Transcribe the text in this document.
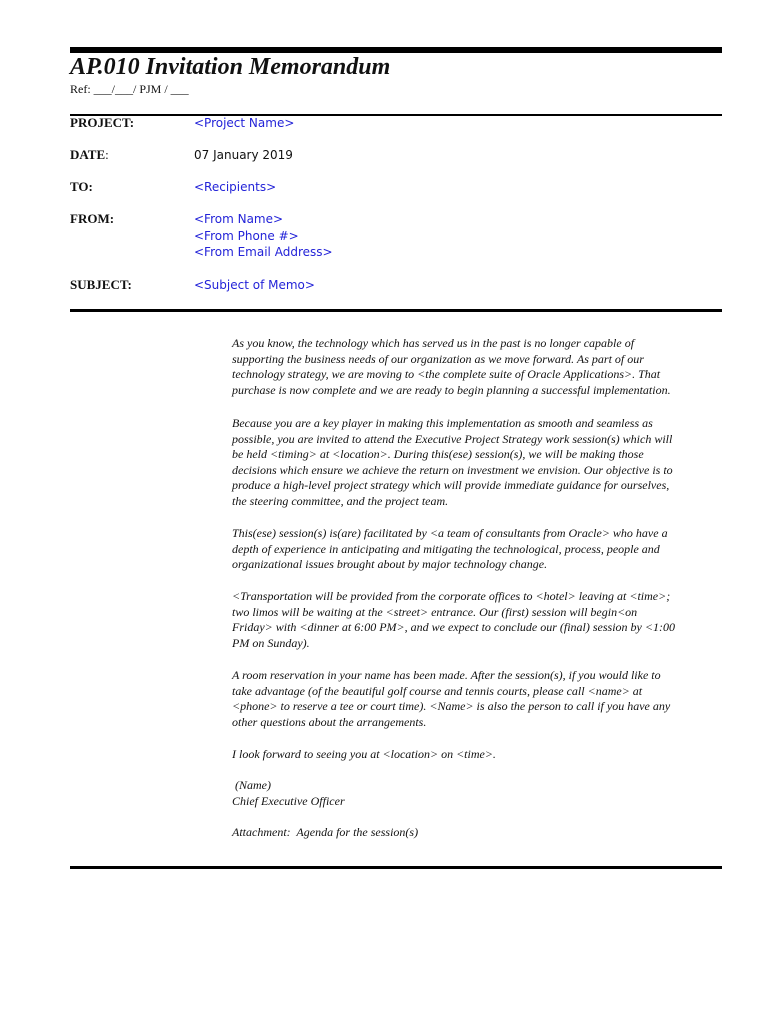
AP.010 Invitation Memorandum
Ref: ___/___/ PJM / ___
PROJECT:	<Project Name>
DATE:	07 January 2019
TO:	<Recipients>
FROM:	<From Name>
<From Phone #>
<From Email Address>
SUBJECT:	<Subject of Memo>
As you know, the technology which has served us in the past is no longer capable of
supporting the business needs of our organization as we move forward. As part of our
technology strategy, we are moving to <the complete suite of Oracle Applications>. That
purchase is now complete and we are ready to begin planning a successful implementation.
Because you are a key player in making this implementation as smooth and seamless as
possible, you are invited to attend the Executive Project Strategy work session(s) which will
be held <timing> at <location>. During this(ese) session(s), we will be making those
decisions which ensure we achieve the return on investment we envision. Our objective is to
produce a high-level project strategy which will provide immediate guidance for ourselves,
the steering committee, and the project team.
This(ese) session(s) is(are) facilitated by <a team of consultants from Oracle> who have a
depth of experience in anticipating and mitigating the technological, process, people and
organizational issues brought about by major technology change.
<Transportation will be provided from the corporate offices to <hotel> leaving at <time>;
two limos will be waiting at the <street> entrance. Our (first) session will begin<on
Friday> with <dinner at 6:00 PM>, and we expect to conclude our (final) session by <1:00
PM on Sunday).
A room reservation in your name has been made. After the session(s), if you would like to
take advantage (of the beautiful golf course and tennis courts, please call <name> at
<phone> to reserve a tee or court time). <Name> is also the person to call if you have any
other questions about the arrangements.
I look forward to seeing you at <location> on <time>.
(Name)
Chief Executive Officer
Attachment:  Agenda for the session(s)
